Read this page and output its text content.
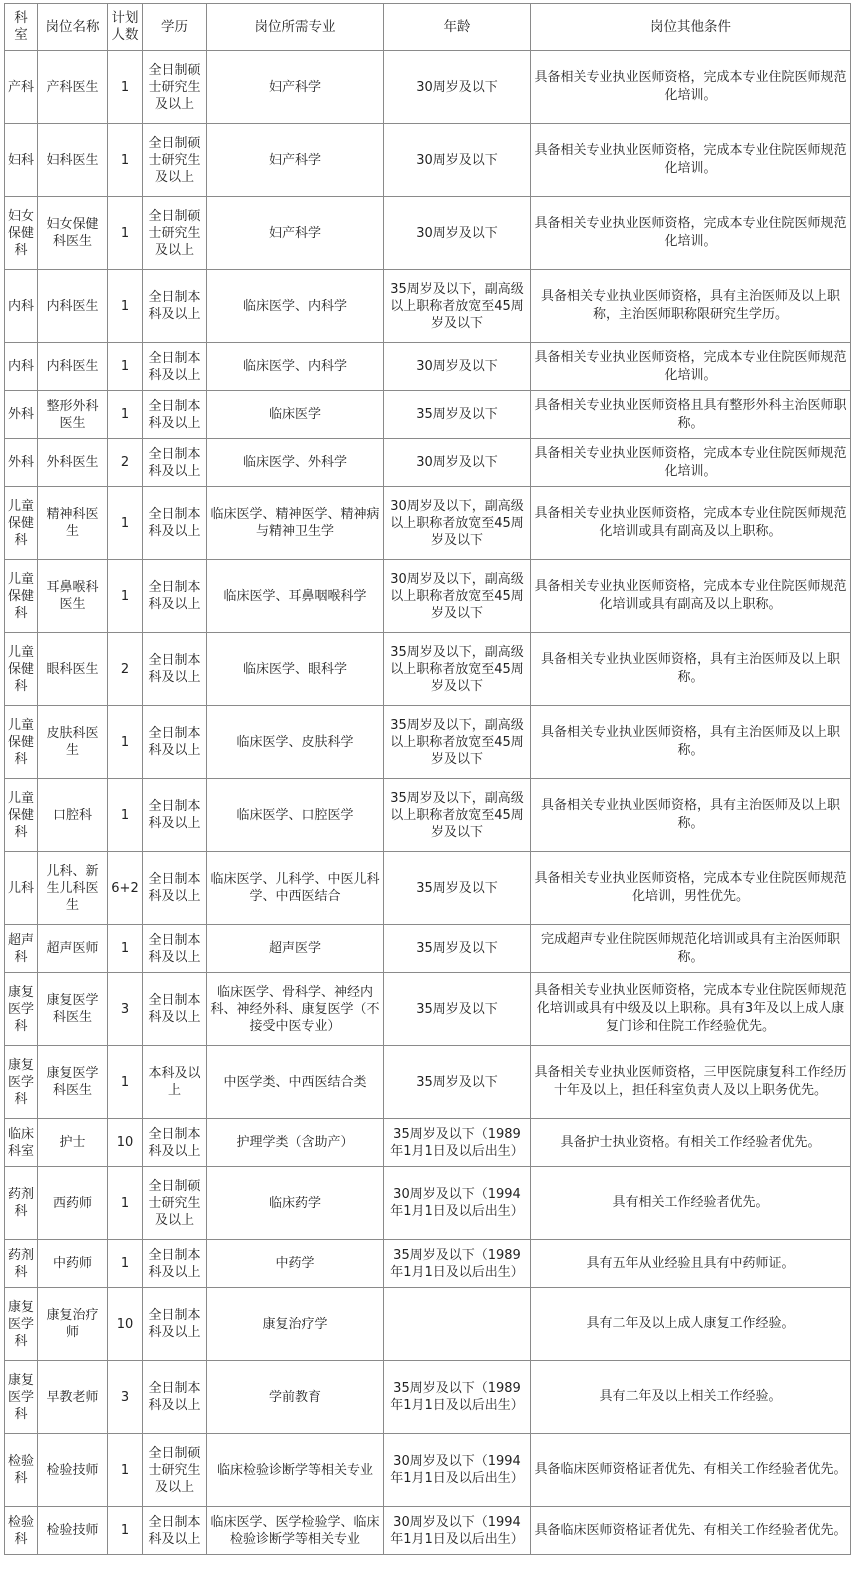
科室	岗位名称	计划人数	学历	岗位所需专业	年龄	岗位其他条件
产科	产科医生	1	全日制硕士研究生及以上	妇产科学	30周岁及以下	具备相关专业执业医师资格，完成本专业住院医师规范化培训。
妇科	妇科医生	1	全日制硕士研究生及以上	妇产科学	30周岁及以下	具备相关专业执业医师资格，完成本专业住院医师规范化培训。
妇女保健科	妇女保健科医生	1	全日制硕士研究生及以上	妇产科学	30周岁及以下	具备相关专业执业医师资格，完成本专业住院医师规范化培训。
内科	内科医生	1	全日制本科及以上	临床医学、内科学	35周岁及以下，副高级以上职称者放宽至45周岁及以下	具备相关专业执业医师资格，具有主治医师及以上职称，主治医师职称限研究生学历。
内科	内科医生	1	全日制本科及以上	临床医学、内科学	30周岁及以下	具备相关专业执业医师资格，完成本专业住院医师规范化培训。
外科	整形外科医生	1	全日制本科及以上	临床医学	35周岁及以下	具备相关专业执业医师资格且具有整形外科主治医师职称。
外科	外科医生	2	全日制本科及以上	临床医学、外科学	30周岁及以下	具备相关专业执业医师资格，完成本专业住院医师规范化培训。
儿童保健科	精神科医生	1	全日制本科及以上	临床医学、精神医学、精神病与精神卫生学	30周岁及以下，副高级以上职称者放宽至45周岁及以下	具备相关专业执业医师资格，完成本专业住院医师规范化培训或具有副高及以上职称。
儿童保健科	耳鼻喉科医生	1	全日制本科及以上	临床医学、耳鼻咽喉科学	30周岁及以下，副高级以上职称者放宽至45周岁及以下	具备相关专业执业医师资格，完成本专业住院医师规范化培训或具有副高及以上职称。
儿童保健科	眼科医生	2	全日制本科及以上	临床医学、眼科学	35周岁及以下，副高级以上职称者放宽至45周岁及以下	具备相关专业执业医师资格，具有主治医师及以上职称。
儿童保健科	皮肤科医生	1	全日制本科及以上	临床医学、皮肤科学	35周岁及以下，副高级以上职称者放宽至45周岁及以下	具备相关专业执业医师资格，具有主治医师及以上职称。
儿童保健科	口腔科	1	全日制本科及以上	临床医学、口腔医学	35周岁及以下，副高级以上职称者放宽至45周岁及以下	具备相关专业执业医师资格，具有主治医师及以上职称。
儿科	儿科、新生儿科医生	6+2	全日制本科及以上	临床医学、儿科学、中医儿科学、中西医结合	35周岁及以下	具备相关专业执业医师资格，完成本专业住院医师规范化培训，男性优先。
超声科	超声医师	1	全日制本科及以上	超声医学	35周岁及以下	完成超声专业住院医师规范化培训或具有主治医师职称。
康复医学科	康复医学科医生	3	全日制本科及以上	临床医学、骨科学、神经内科、神经外科、康复医学（不接受中医专业）	35周岁及以下	具备相关专业执业医师资格，完成本专业住院医师规范化培训或具有中级及以上职称。具有3年及以上成人康复门诊和住院工作经验优先。
康复医学科	康复医学科医生	1	本科及以上	中医学类、中西医结合类	35周岁及以下	具备相关专业执业医师资格，三甲医院康复科工作经历十年及以上，担任科室负责人及以上职务优先。
临床科室	护士	10	全日制本科及以上	护理学类（含助产）	35周岁及以下（1989年1月1日及以后出生）	具备护士执业资格。有相关工作经验者优先。
药剂科	西药师	1	全日制硕士研究生及以上	临床药学	30周岁及以下（1994年1月1日及以后出生）	具有相关工作经验者优先。
药剂科	中药师	1	全日制本科及以上	中药学	35周岁及以下（1989年1月1日及以后出生）	具有五年从业经验且具有中药师证。
康复医学科	康复治疗师	10	全日制本科及以上	康复治疗学		具有二年及以上成人康复工作经验。
康复医学科	早教老师	3	全日制本科及以上	学前教育	35周岁及以下（1989年1月1日及以后出生）	具有二年及以上相关工作经验。
检验科	检验技师	1	全日制硕士研究生及以上	临床检验诊断学等相关专业	30周岁及以下（1994年1月1日及以后出生）	具备临床医师资格证者优先、有相关工作经验者优先。
检验科	检验技师	1	全日制本科及以上	临床医学、医学检验学、临床检验诊断学等相关专业	30周岁及以下（1994年1月1日及以后出生）	具备临床医师资格证者优先、有相关工作经验者优先。
